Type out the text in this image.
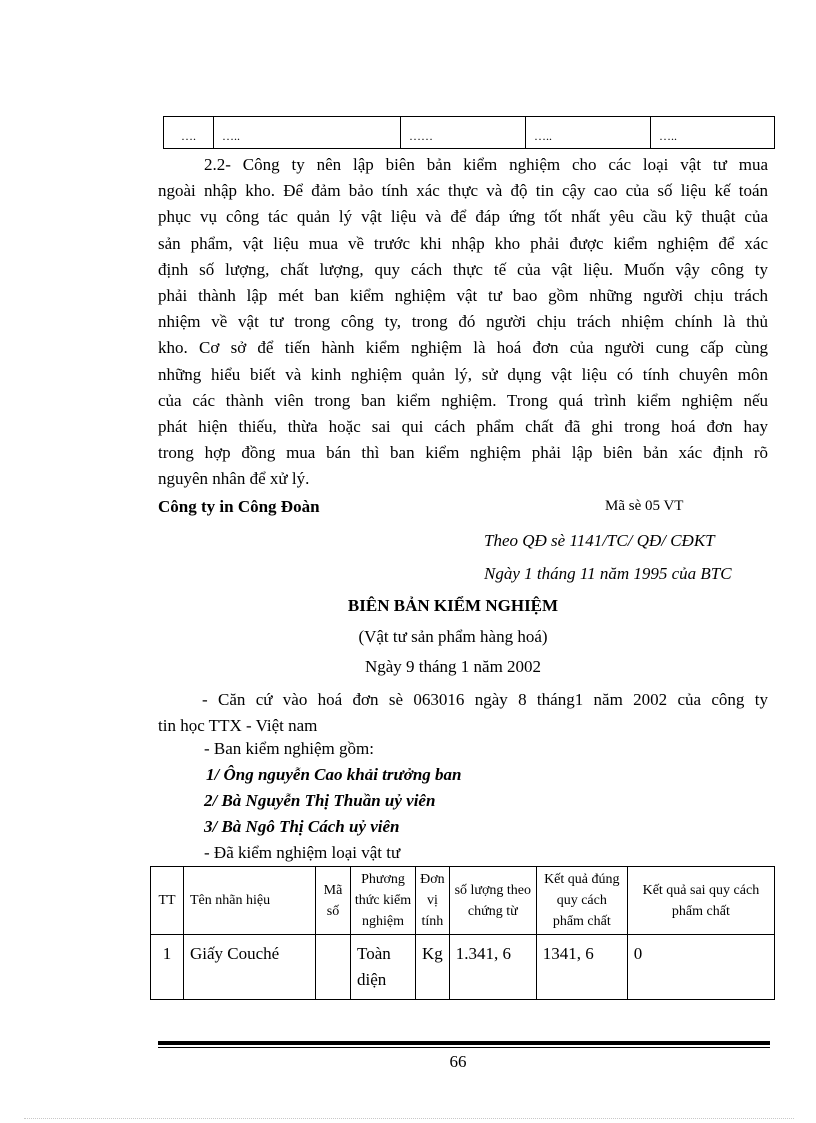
….	…..	……	…..	…..
2.2- Công ty nên lập biên bản kiểm nghiệm cho các loại vật tư mua
ngoài nhập kho. Để đảm bảo tính xác thực và độ tin cậy cao của số liệu kế toán
phục vụ công tác quản lý vật liệu và để đáp ứng tốt nhất yêu cầu kỹ thuật của
sản phẩm, vật liệu mua về trước khi nhập kho phải được kiểm nghiệm để xác
định số lượng, chất lượng, quy cách thực tế của vật liệu. Muốn vậy công ty
phải thành lập mét ban kiểm nghiệm vật tư bao gồm những người chịu trách
nhiệm về vật tư trong công ty, trong đó người chịu trách nhiệm chính là thủ
kho. Cơ sở để tiến hành kiểm nghiệm là hoá đơn của người cung cấp cùng
những hiểu biết và kinh nghiệm quản lý, sử dụng vật liệu có tính chuyên môn
của các thành viên trong ban kiểm nghiệm. Trong quá trình kiểm nghiệm nếu
phát hiện thiếu, thừa hoặc sai qui cách phẩm chất đã ghi trong hoá đơn hay
trong hợp đồng mua bán thì ban kiểm nghiệm phải lập biên bản xác định rõ
nguyên nhân để xử lý.
Công ty in Công Đoàn	Mã sè 05 VT
Theo QĐ sè 1141/TC/ QĐ/ CĐKT
Ngày 1 tháng 11 năm 1995 của BTC
BIÊN BẢN KIỂM NGHIỆM
(Vật tư sản phẩm hàng hoá)
Ngày 9 tháng 1 năm 2002
- Căn cứ vào hoá đơn sè 063016 ngày 8 tháng1 năm 2002 của công ty
tin học TTX - Việt nam
- Ban kiểm nghiệm gồm:
1/ Ông nguyễn Cao khải trưởng ban
2/ Bà Nguyễn Thị Thuần uỷ viên
3/ Bà Ngô Thị Cách uỷ viên
- Đã kiểm nghiệm loại vật tư
TT	Tên nhãn hiệu	Mã số	Phương thức kiểm nghiệm	Đơn vị tính	số lượng theo chứng từ	Kết quả đúng quy cách phẩm chất	Kết quả sai quy cách phẩm chất
1	Giấy Couché		Toàn diện	Kg	1.341, 6	1341, 6	0
66
